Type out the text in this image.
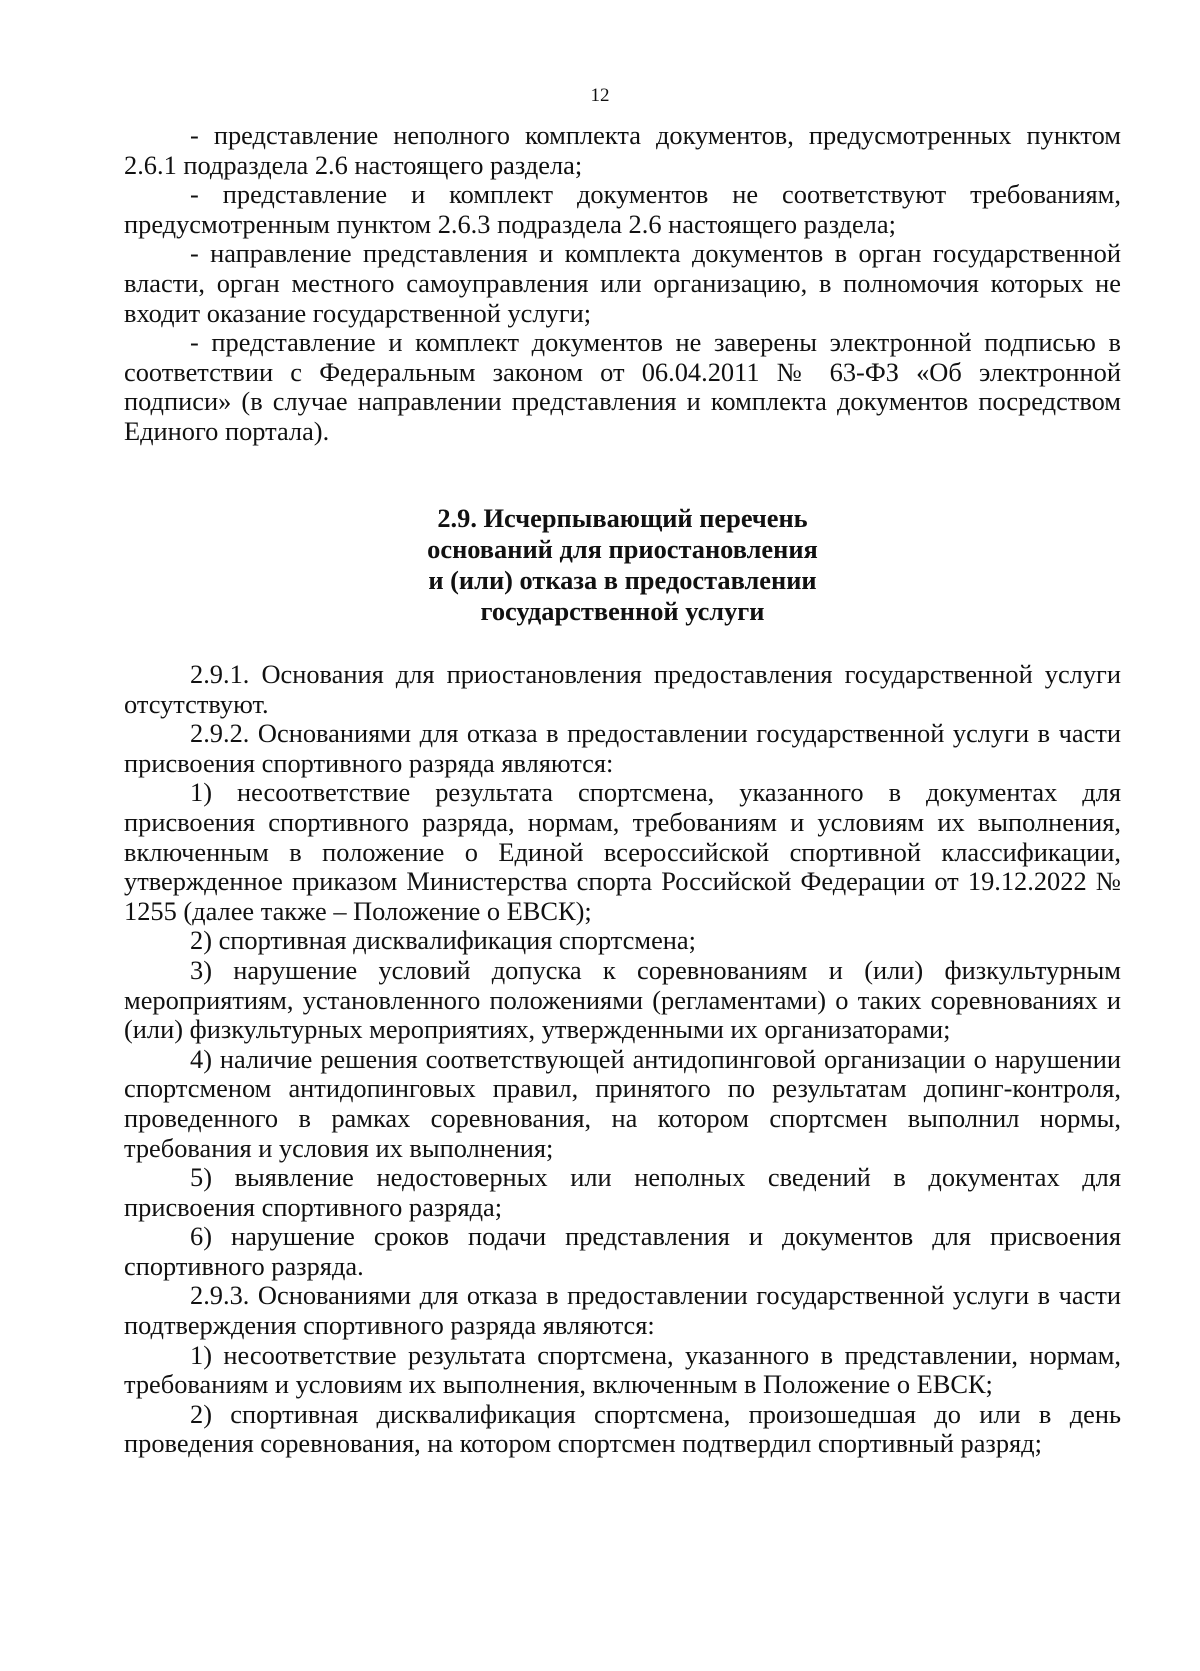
12

- представление неполного комплекта документов, предусмотренных пунктом 2.6.1 подраздела 2.6 настоящего раздела;

- представление и комплект документов не соответствуют требованиям, предусмотренным пунктом 2.6.3 подраздела 2.6 настоящего раздела;

- направление представления и комплекта документов в орган государственной власти, орган местного самоуправления или организацию, в полномочия которых не входит оказание государственной услуги;

- представление и комплект документов не заверены электронной подписью в соответствии с Федеральным законом от 06.04.2011 № 63-ФЗ «Об электронной подписи» (в случае направлении представления и комплекта документов посредством Единого портала).

2.9. Исчерпывающий перечень
оснований для приостановления
и (или) отказа в предоставлении
государственной услуги

2.9.1. Основания для приостановления предоставления государственной услуги отсутствуют.

2.9.2. Основаниями для отказа в предоставлении государственной услуги в части присвоения спортивного разряда являются:

1) несоответствие результата спортсмена, указанного в документах для присвоения спортивного разряда, нормам, требованиям и условиям их выполнения, включенным в положение о Единой всероссийской спортивной классификации, утвержденное приказом Министерства спорта Российской Федерации от 19.12.2022 № 1255 (далее также – Положение о ЕВСК);

2) спортивная дисквалификация спортсмена;

3) нарушение условий допуска к соревнованиям и (или) физкультурным мероприятиям, установленного положениями (регламентами) о таких соревнованиях и (или) физкультурных мероприятиях, утвержденными их организаторами;

4) наличие решения соответствующей антидопинговой организации о нарушении спортсменом антидопинговых правил, принятого по результатам допинг-контроля, проведенного в рамках соревнования, на котором спортсмен выполнил нормы, требования и условия их выполнения;

5) выявление недостоверных или неполных сведений в документах для присвоения спортивного разряда;

6) нарушение сроков подачи представления и документов для присвоения спортивного разряда.

2.9.3. Основаниями для отказа в предоставлении государственной услуги в части подтверждения спортивного разряда являются:

1) несоответствие результата спортсмена, указанного в представлении, нормам, требованиям и условиям их выполнения, включенным в Положение о ЕВСК;

2) спортивная дисквалификация спортсмена, произошедшая до или в день проведения соревнования, на котором спортсмен подтвердил спортивный разряд;
